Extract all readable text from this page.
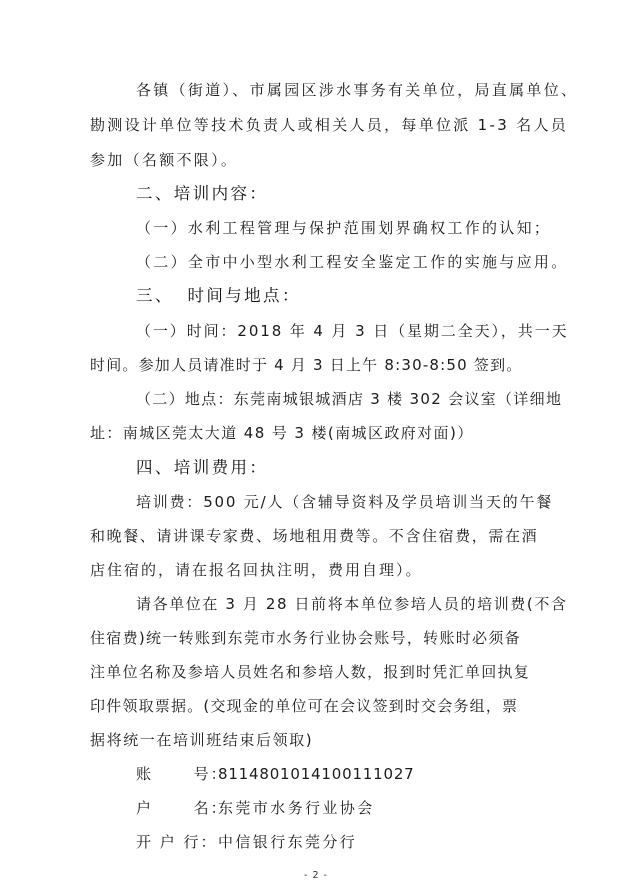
各镇（街道）、市属园区涉水事务有关单位，局直属单位、
勘测设计单位等技术负责人或相关人员，每单位派 1-3 名人员
参加（名额不限）。
二、培训内容：
（一）水利工程管理与保护范围划界确权工作的认知；
（二）全市中小型水利工程安全鉴定工作的实施与应用。
三、 时间与地点：
（一）时间：2018 年 4 月 3 日（星期二全天），共一天
时间。参加人员请准时于 4 月 3 日上午 8:30-8:50 签到。
（二）地点：东莞南城银城酒店 3 楼 302 会议室（详细地
址：南城区莞太大道 48 号 3 楼(南城区政府对面)）
四、培训费用：
培训费：500 元/人（含辅导资料及学员培训当天的午餐
和晚餐、请讲课专家费、场地租用费等。不含住宿费，需在酒
店住宿的，请在报名回执注明，费用自理）。
请各单位在 3 月 28 日前将本单位参培人员的培训费(不含
住宿费)统一转账到东莞市水务行业协会账号，转账时必须备
注单位名称及参培人员姓名和参培人数，报到时凭汇单回执复
印件领取票据。(交现金的单位可在会议签到时交会务组，票
据将统一在培训班结束后领取)
账      号：
8114801014100111027
户      名：
东莞市水务行业协会
开 户 行： 中信银行东莞分行
- 2 -
